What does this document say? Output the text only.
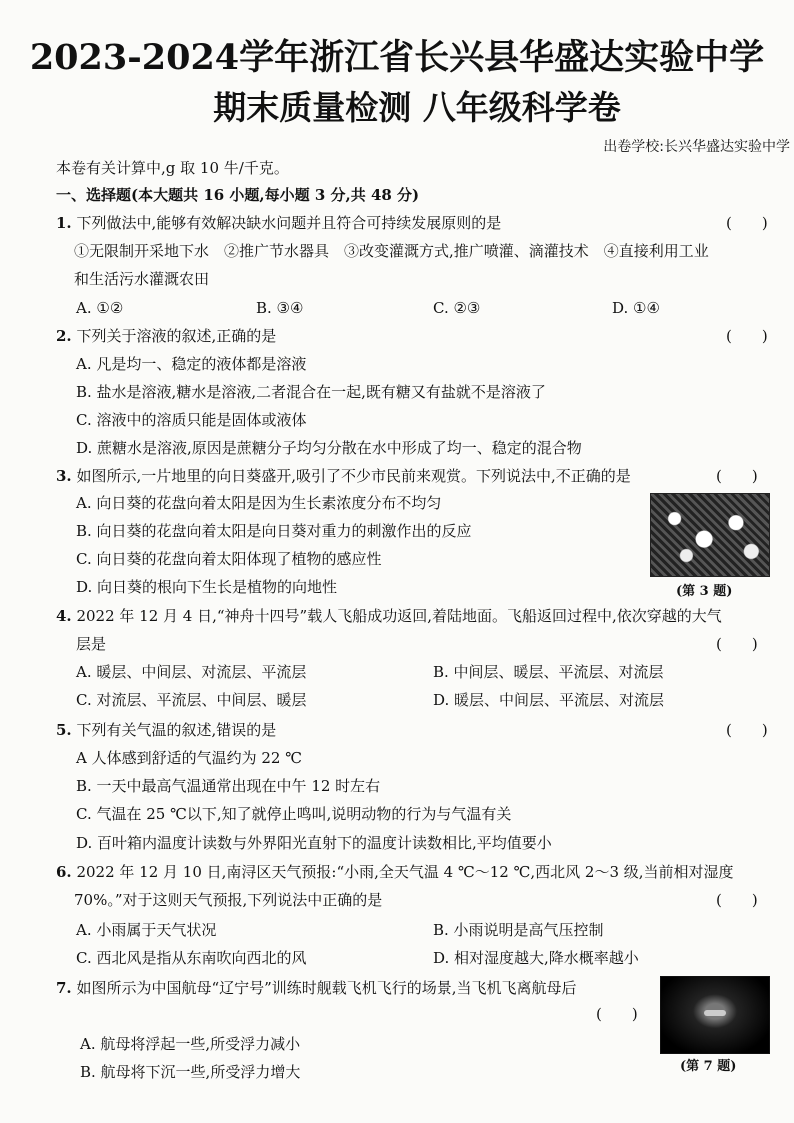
2023-2024学年浙江省长兴县华盛达实验中学
期末质量检测 八年级科学卷
出卷学校:长兴华盛达实验中学
本卷有关计算中,g 取 10 牛/千克。
一、选择题(本大题共 16 小题,每小题 3 分,共 48 分)
1. 下列做法中,能够有效解决缺水问题并且符合可持续发展原则的是	(　　)
①无限制开采地下水　②推广节水器具　③改变灌溉方式,推广喷灌、滴灌技术　④直接利用工业
和生活污水灌溉农田
A. ①②	B. ③④	C. ②③	D. ①④
2. 下列关于溶液的叙述,正确的是	(　　)
A. 凡是均一、稳定的液体都是溶液
B. 盐水是溶液,糖水是溶液,二者混合在一起,既有糖又有盐就不是溶液了
C. 溶液中的溶质只能是固体或液体
D. 蔗糖水是溶液,原因是蔗糖分子均匀分散在水中形成了均一、稳定的混合物
3. 如图所示,一片地里的向日葵盛开,吸引了不少市民前来观赏。下列说法中,不正确的是	(　　)
A. 向日葵的花盘向着太阳是因为生长素浓度分布不均匀
B. 向日葵的花盘向着太阳是向日葵对重力的刺激作出的反应
C. 向日葵的花盘向着太阳体现了植物的感应性
D. 向日葵的根向下生长是植物的向地性	(第 3 题)
4. 2022 年 12 月 4 日,“神舟十四号”载人飞船成功返回,着陆地面。飞船返回过程中,依次穿越的大气
层是	(　　)
A. 暖层、中间层、对流层、平流层	B. 中间层、暖层、平流层、对流层
C. 对流层、平流层、中间层、暖层	D. 暖层、中间层、平流层、对流层
5. 下列有关气温的叙述,错误的是	(　　)
A 人体感到舒适的气温约为 22 ℃
B. 一天中最高气温通常出现在中午 12 时左右
C. 气温在 25 ℃以下,知了就停止鸣叫,说明动物的行为与气温有关
D. 百叶箱内温度计读数与外界阳光直射下的温度计读数相比,平均值要小
6. 2022 年 12 月 10 日,南浔区天气预报:“小雨,全天气温 4 ℃～12 ℃,西北风 2～3 级,当前相对湿度
70%。”对于这则天气预报,下列说法中正确的是	(　　)
A. 小雨属于天气状况	B. 小雨说明是高气压控制
C. 西北风是指从东南吹向西北的风	D. 相对湿度越大,降水概率越小
7. 如图所示为中国航母“辽宁号”训练时舰载飞机飞行的场景,当飞机飞离航母后
(　　)
A. 航母将浮起一些,所受浮力减小
B. 航母将下沉一些,所受浮力增大	(第 7 题)
